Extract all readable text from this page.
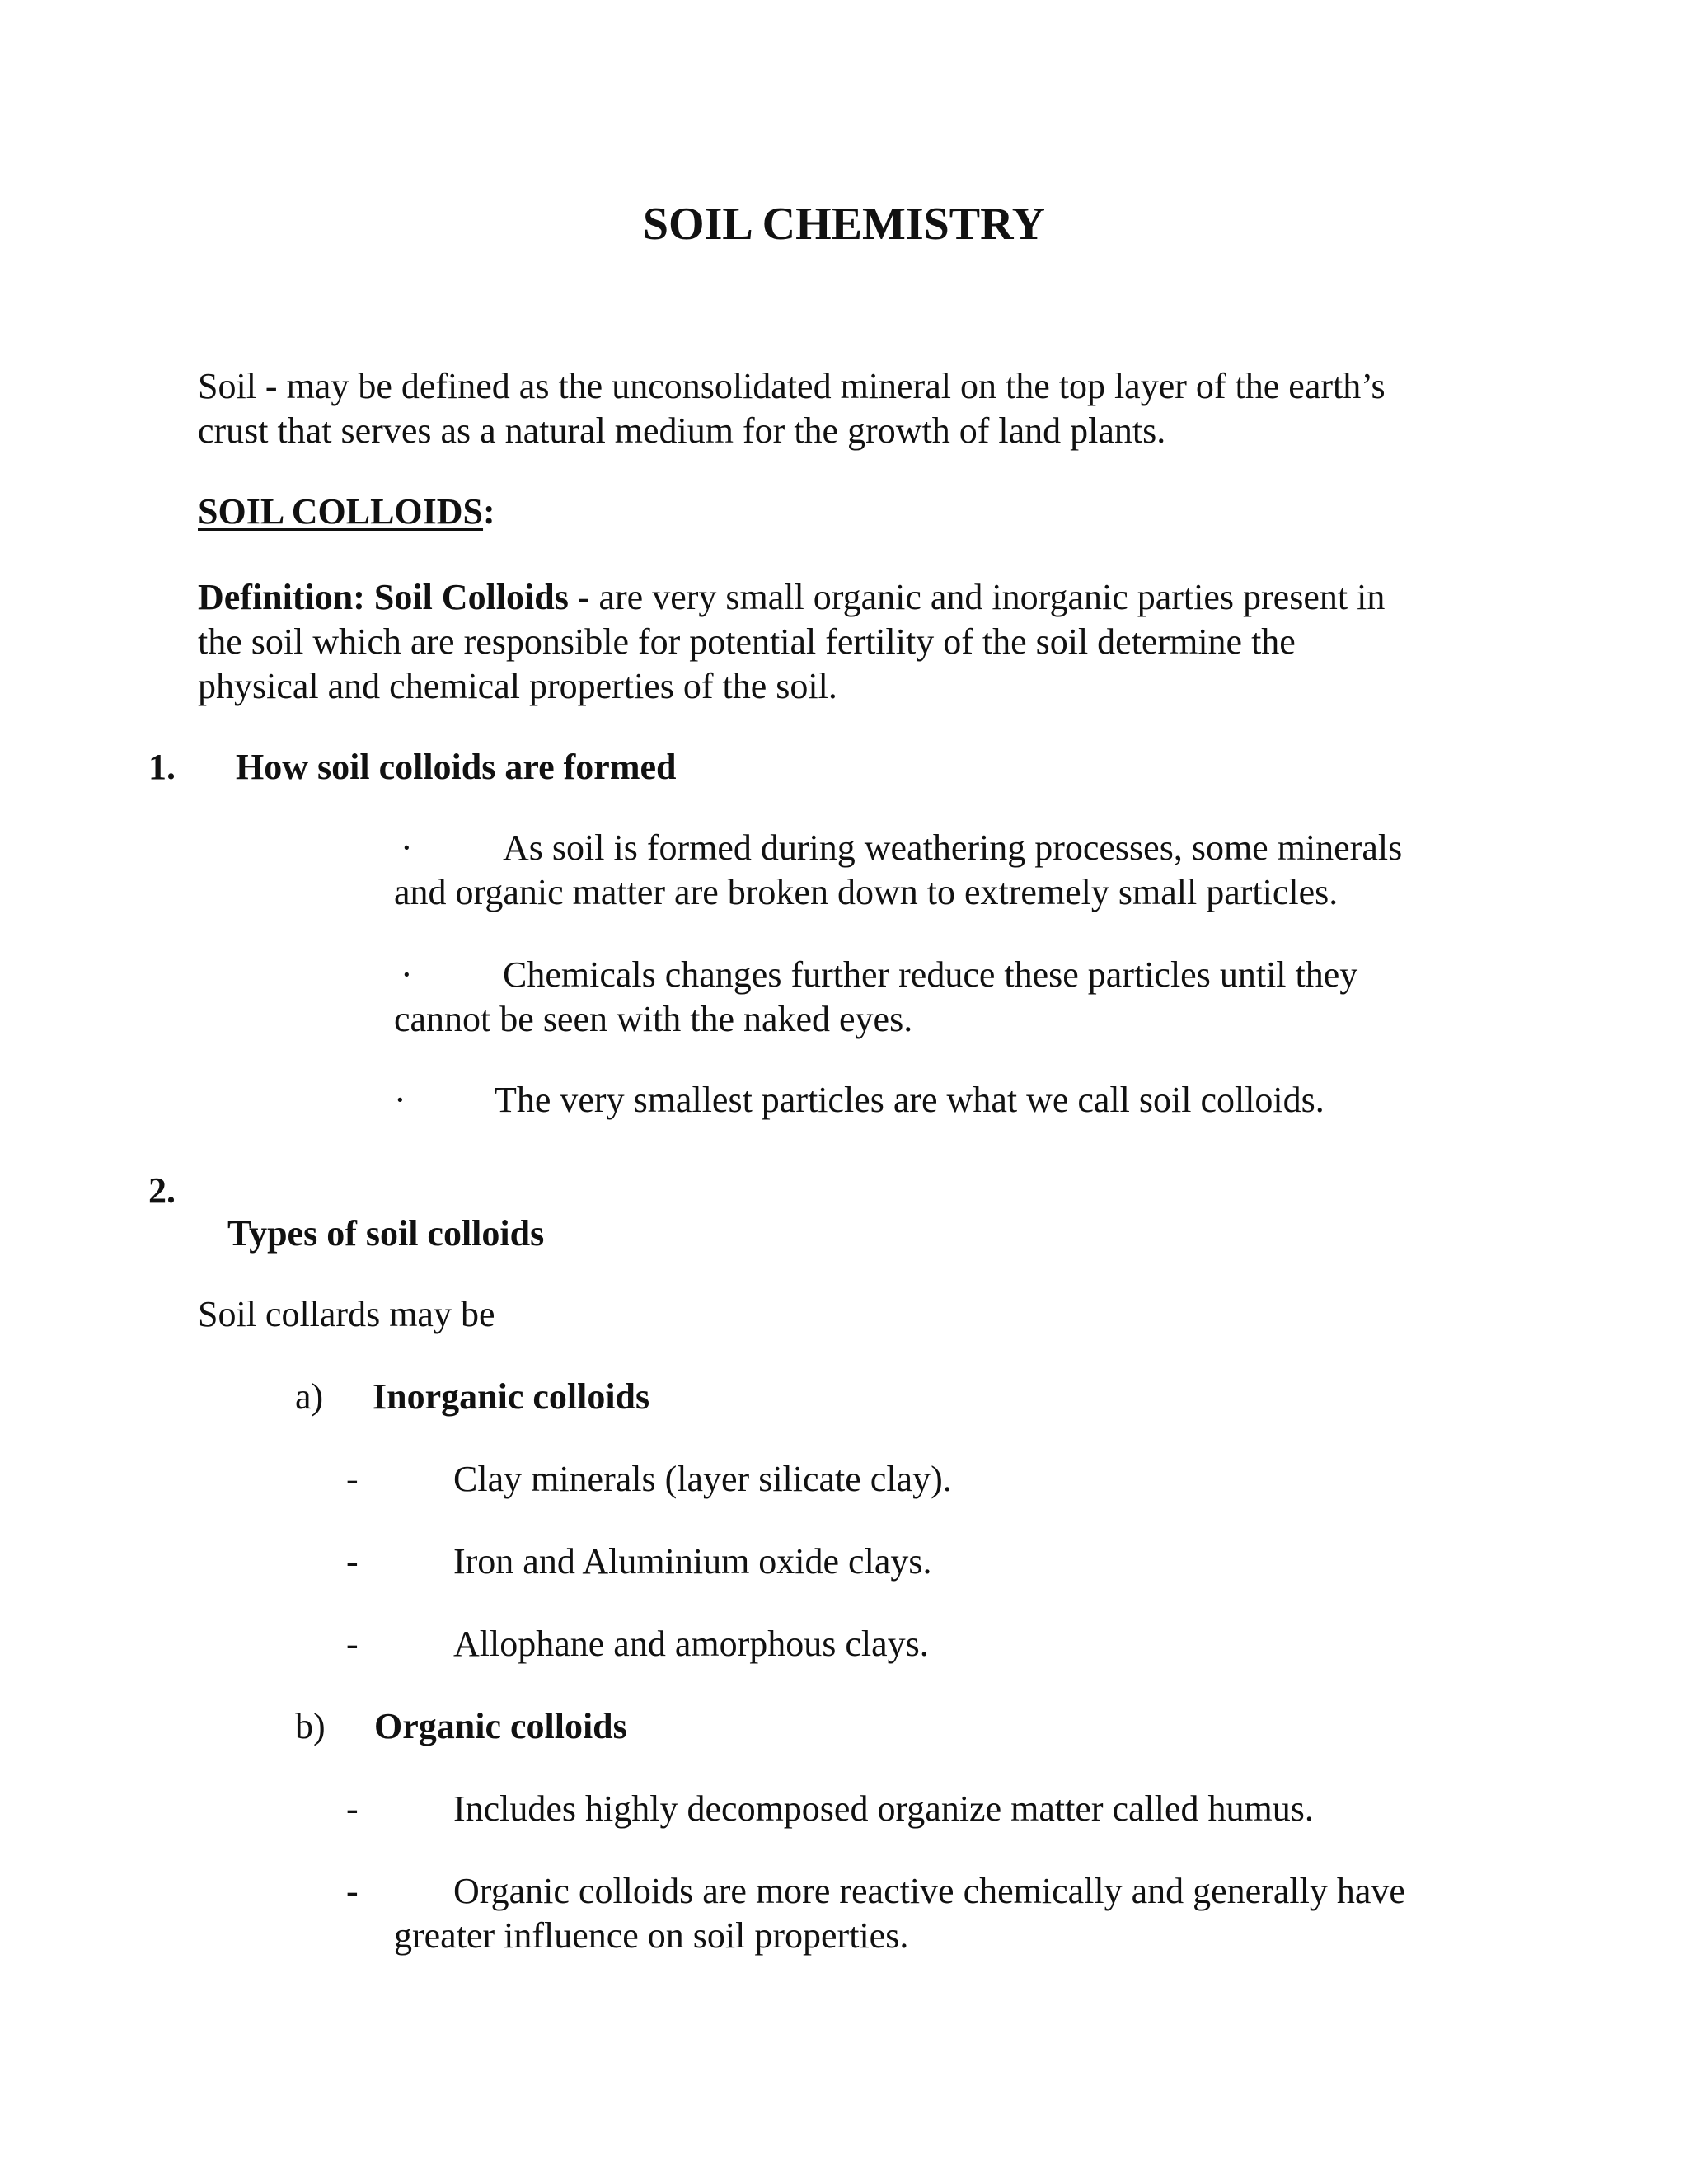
SOIL CHEMISTRY

Soil - may be defined as the unconsolidated mineral on the top layer of the earth’s

crust that serves as a natural medium for the growth of land plants.

SOIL COLLOIDS:

Definition: Soil Colloids - are very small organic and inorganic parties present in

the soil which are responsible for potential fertility of the soil determine the

physical and chemical properties of the soil.

1. How soil colloids are formed

· As soil is formed during weathering processes, some minerals

and organic matter are broken down to extremely small particles.

· Chemicals changes further reduce these particles until they

cannot be seen with the naked eyes.

· The very smallest particles are what we call soil colloids.

2.

Types of soil colloids

Soil collards may be

a) Inorganic colloids

-	Clay minerals (layer silicate clay).

-	Iron and Aluminium oxide clays.

-	Allophane and amorphous clays.

b) Organic colloids

-	Includes highly decomposed organize matter called humus.

-	Organic colloids are more reactive chemically and generally have

greater influence on soil properties.
